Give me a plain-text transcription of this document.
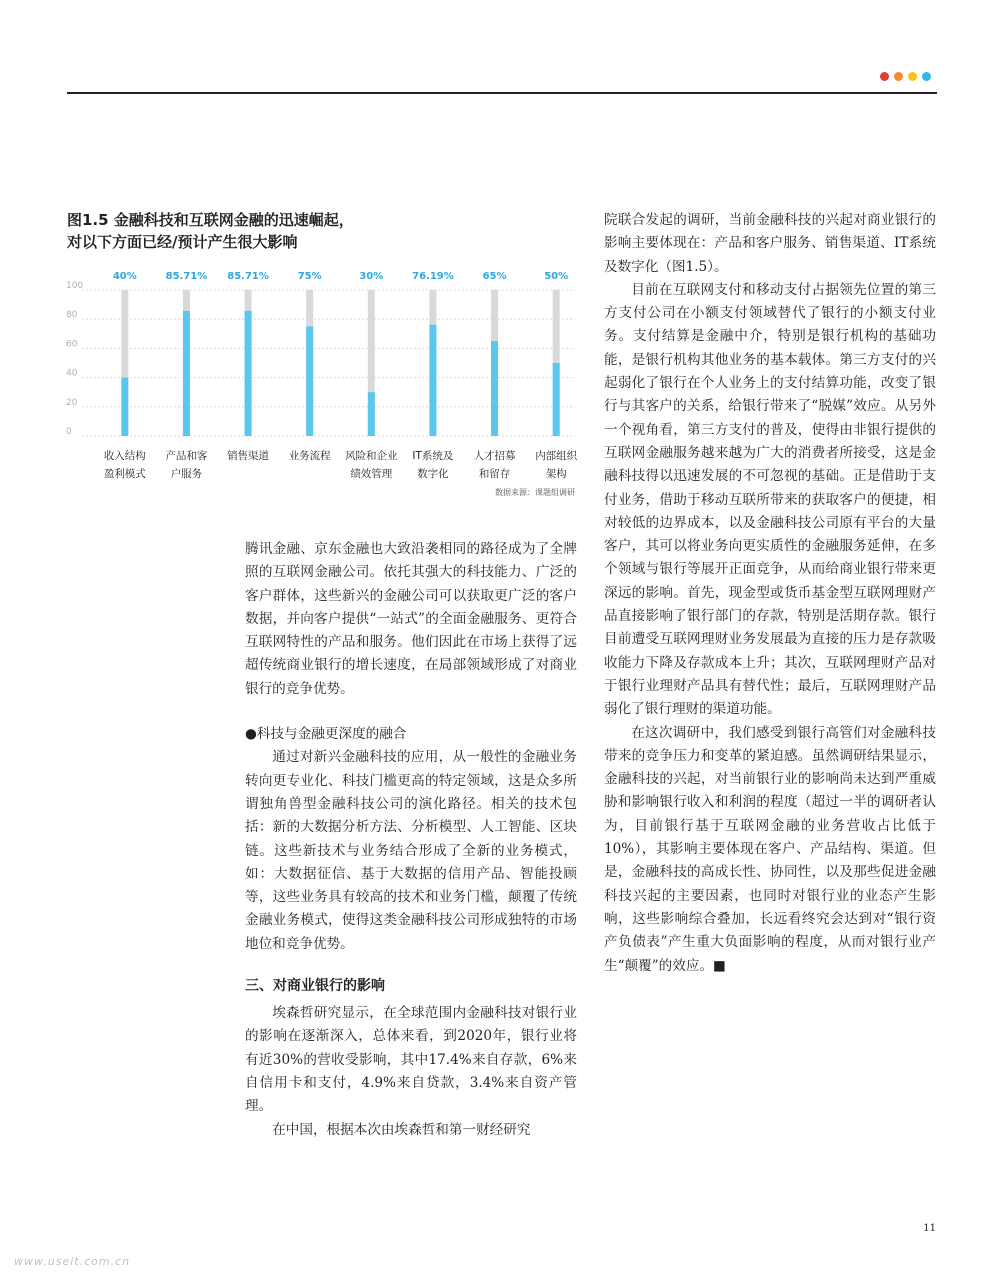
图1.5 金融科技和互联网金融的迅速崛起，
对以下方面已经/预计产生很大影响
0
20
40
60
80
100
40%
收入结构
盈利模式
85.71%
产品和客
户服务
85.71%
销售渠道
75%
业务流程
30%
风险和企业
绩效管理
76.19%
IT系统及
数字化
65%
人才招募
和留存
50%
内部组织
架构
数据来源：课题组调研

腾讯金融、京东金融也大致沿袭相同的路径成为了全牌照的互联网金融公司。依托其强大的科技能力、广泛的客户群体，这些新兴的金融公司可以获取更广泛的客户数据，并向客户提供“一站式”的全面金融服务、更符合互联网特性的产品和服务。他们因此在市场上获得了远超传统商业银行的增长速度，在局部领域形成了对商业银行的竞争优势。

●科技与金融更深度的融合

通过对新兴金融科技的应用，从一般性的金融业务转向更专业化、科技门槛更高的特定领域，这是众多所谓独角兽型金融科技公司的演化路径。相关的技术包括：新的大数据分析方法、分析模型、人工智能、区块链。这些新技术与业务结合形成了全新的业务模式，如：大数据征信、基于大数据的信用产品、智能投顾等，这些业务具有较高的技术和业务门槛，颠覆了传统金融业务模式，使得这类金融科技公司形成独特的市场地位和竞争优势。

三、对商业银行的影响

埃森哲研究显示，在全球范围内金融科技对银行业的影响在逐渐深入，总体来看，到2020年，银行业将有近30%的营收受影响，其中17.4%来自存款，6%来自信用卡和支付，4.9%来自贷款，3.4%来自资产管理。

在中国，根据本次由埃森哲和第一财经研究

院联合发起的调研，当前金融科技的兴起对商业银行的影响主要体现在：产品和客户服务、销售渠道、IT系统及数字化（图1.5）。

目前在互联网支付和移动支付占据领先位置的第三方支付公司在小额支付领域替代了银行的小额支付业务。支付结算是金融中介，特别是银行机构的基础功能，是银行机构其他业务的基本载体。第三方支付的兴起弱化了银行在个人业务上的支付结算功能，改变了银行与其客户的关系，给银行带来了“脱媒”效应。从另外一个视角看，第三方支付的普及，使得由非银行提供的互联网金融服务越来越为广大的消费者所接受，这是金融科技得以迅速发展的不可忽视的基础。正是借助于支付业务，借助于移动互联所带来的获取客户的便捷，相对较低的边界成本，以及金融科技公司原有平台的大量客户，其可以将业务向更实质性的金融服务延伸，在多个领域与银行等展开正面竞争，从而给商业银行带来更深远的影响。首先，现金型或货币基金型互联网理财产品直接影响了银行部门的存款，特别是活期存款。银行目前遭受互联网理财业务发展最为直接的压力是存款吸收能力下降及存款成本上升；其次，互联网理财产品对于银行业理财产品具有替代性；最后，互联网理财产品弱化了银行理财的渠道功能。

在这次调研中，我们感受到银行高管们对金融科技带来的竞争压力和变革的紧迫感。虽然调研结果显示，金融科技的兴起，对当前银行业的影响尚未达到严重威胁和影响银行收入和利润的程度（超过一半的调研者认为，目前银行基于互联网金融的业务营收占比低于10%），其影响主要体现在客户、产品结构、渠道。但是，金融科技的高成长性、协同性，以及那些促进金融科技兴起的主要因素，也同时对银行业的业态产生影响，这些影响综合叠加，长远看终究会达到对“银行资产负债表”产生重大负面影响的程度，从而对银行业产生“颠覆”的效应。■

11
www.useit.com.cn
